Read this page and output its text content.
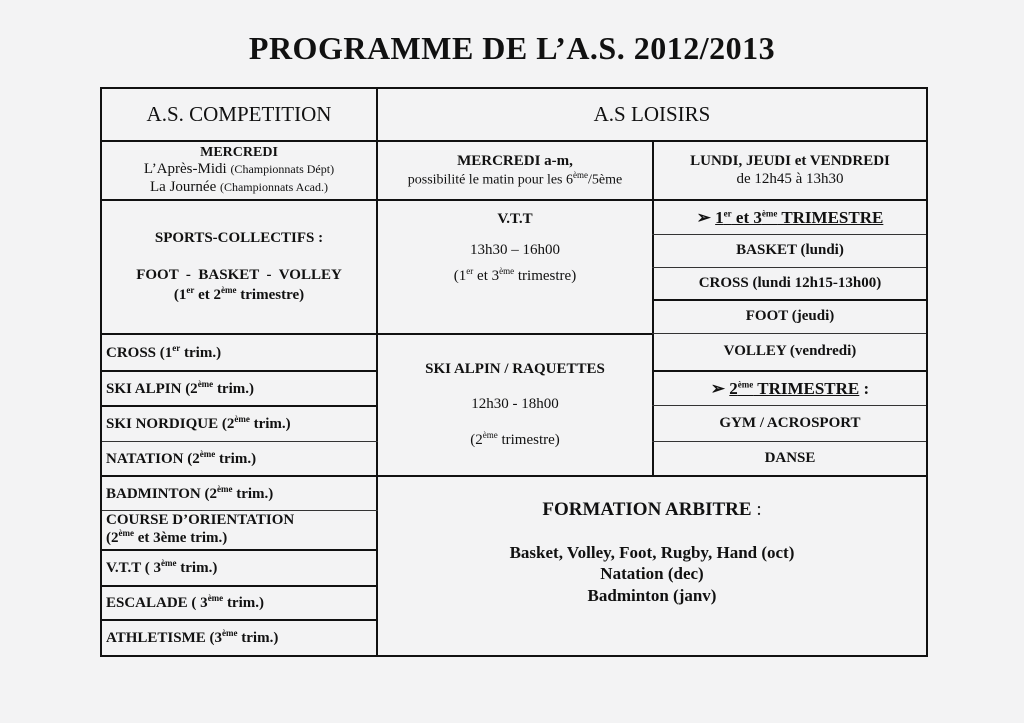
PROGRAMME DE L’A.S. 2012/2013
A.S. COMPETITION	A.S LOISIRS
MERCREDI
L’Après-Midi (Championnats Dépt)
La Journée (Championnats Acad.)
SPORTS-COLLECTIFS :
FOOT  -  BASKET  -  VOLLEY
(1er et 2ème trimestre)
CROSS (1er trim.)
SKI ALPIN (2ème trim.)
SKI NORDIQUE (2ème trim.)
NATATION (2ème trim.)
BADMINTON (2ème trim.)
COURSE D’ORIENTATION
(2ème et 3ème trim.)
V.T.T ( 3ème trim.)
ESCALADE ( 3ème trim.)
ATHLETISME (3ème trim.)
MERCREDI a-m,
possibilité le matin pour les 6ème/5ème
V.T.T
13h30 – 16h00
(1er et 3ème trimestre)
SKI ALPIN / RAQUETTES
12h30 - 18h00
(2ème trimestre)
LUNDI, JEUDI et VENDREDI
de 12h45 à 13h30
➢ 1er et 3ème TRIMESTRE
BASKET (lundi)
CROSS (lundi 12h15-13h00)
FOOT (jeudi)
VOLLEY (vendredi)
➢ 2ème TRIMESTRE :
GYM / ACROSPORT
DANSE
FORMATION ARBITRE :
Basket, Volley, Foot, Rugby, Hand (oct)
Natation (dec)
Badminton (janv)
